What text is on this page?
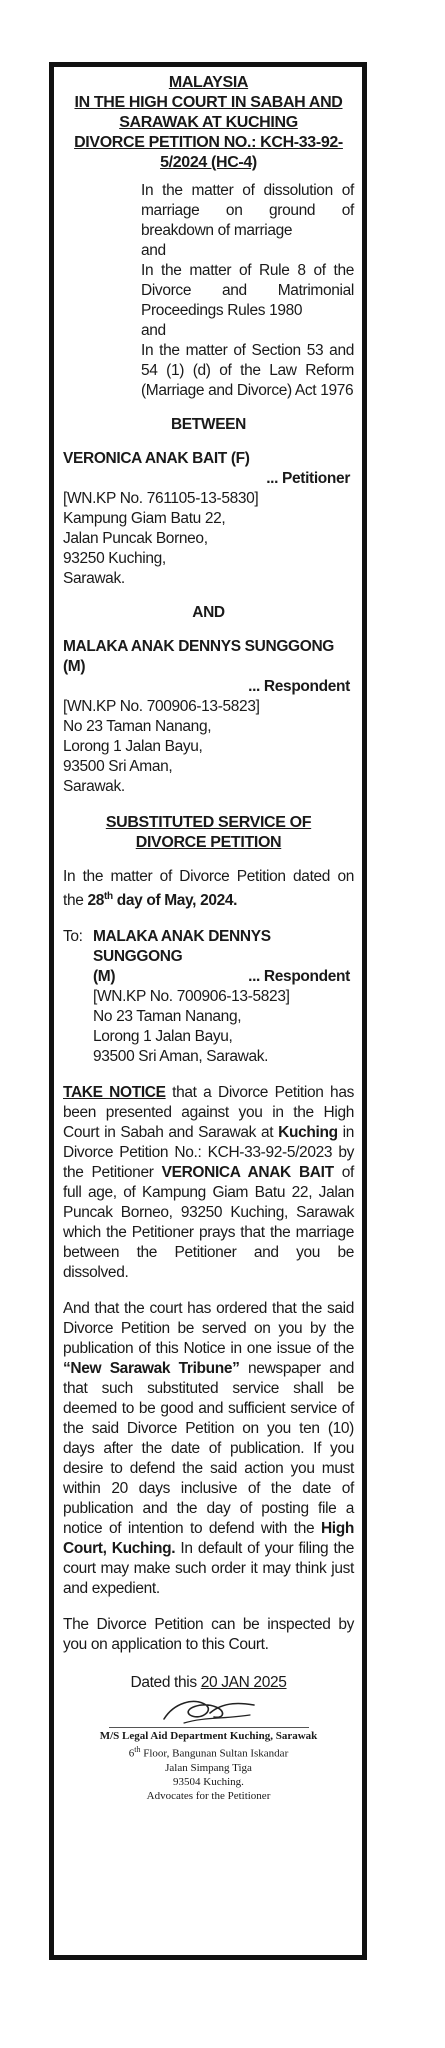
MALAYSIA
IN THE HIGH COURT IN SABAH AND
SARAWAK AT KUCHING
DIVORCE PETITION NO.: KCH-33-92-
5/2024 (HC-4)

In the matter of dissolution of marriage on ground of breakdown of marriage

and

In the matter of Rule 8 of the Divorce and Matrimonial Proceedings Rules 1980

and

In the matter of Section 53 and 54 (1) (d) of the Law Reform (Marriage and Divorce) Act 1976

BETWEEN
VERONICA ANAK BAIT (F)
... Petitioner
[WN.KP No. 761105-13-5830]
Kampung Giam Batu 22,
Jalan Puncak Borneo,
93250 Kuching,
Sarawak.
AND
MALAKA ANAK DENNYS SUNGGONG (M)
... Respondent
[WN.KP No. 700906-13-5823]
No 23 Taman Nanang,
Lorong 1 Jalan Bayu,
93500 Sri Aman,
Sarawak.
SUBSTITUTED SERVICE OF
DIVORCE PETITION
In the matter of Divorce Petition dated on the 28th day of May, 2024.
To: MALAKA ANAK DENNYS SUNGGONG
(M)	... Respondent
[WN.KP No. 700906-13-5823]
No 23 Taman Nanang,
Lorong 1 Jalan Bayu,
93500 Sri Aman, Sarawak.

TAKE NOTICE that a Divorce Petition has been presented against you in the High Court in Sabah and Sarawak at Kuching in Divorce Petition No.: KCH-33-92-5/2023 by the Petitioner VERONICA ANAK BAIT of full age, of Kampung Giam Batu 22, Jalan Puncak Borneo, 93250 Kuching, Sarawak which the Petitioner prays that the marriage between the Petitioner and you be dissolved.

And that the court has ordered that the said Divorce Petition be served on you by the publication of this Notice in one issue of the “New Sarawak Tribune” newspaper and that such substituted service shall be deemed to be good and sufficient service of the said Divorce Petition on you ten (10) days after the date of publication. If you desire to defend the said action you must within 20 days inclusive of the date of publication and the day of posting file a notice of intention to defend with the High Court, Kuching. In default of your filing the court may make such order it may think just and expedient.

The Divorce Petition can be inspected by you on application to this Court.

Dated this 20 JAN 2025
M/S Legal Aid Department Kuching, Sarawak
6th Floor, Bangunan Sultan Iskandar
Jalan Simpang Tiga
93504 Kuching.
Advocates for the Petitioner
